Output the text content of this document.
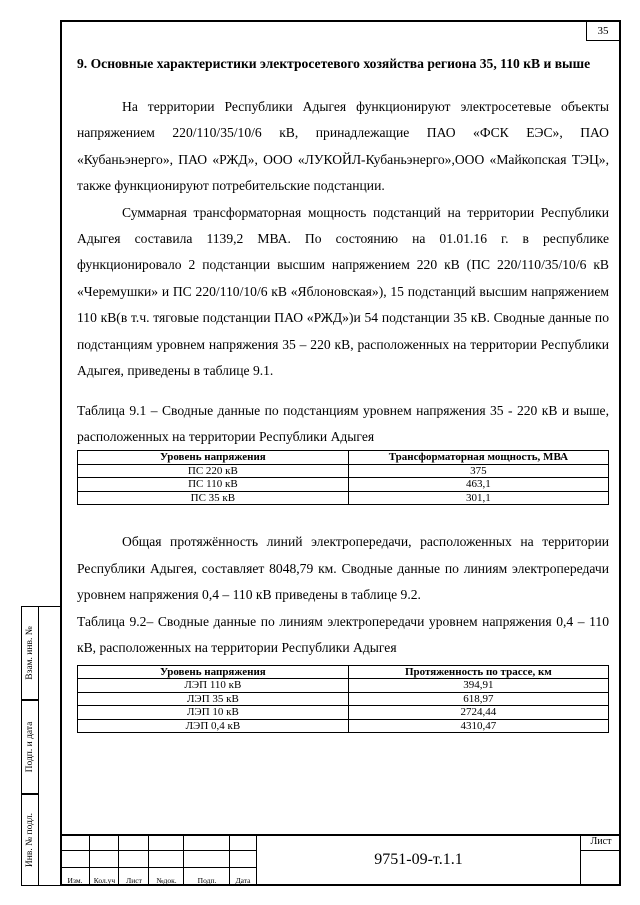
35
Взам. инв. №
Подп. и дата
Инв. № подл.
9. Основные характеристики электросетевого хозяйства региона 35, 110 кВ и выше

На территории Республики Адыгея функционируют электросетевые объекты напряжением 220/110/35/10/6 кВ, принадлежащие ПАО «ФСК ЕЭС», ПАО «Кубаньэнерго», ПАО «РЖД», ООО «ЛУКОЙЛ-Кубаньэнерго»,ООО «Майкопская ТЭЦ», также функционируют потребительские подстанции.

Суммарная трансформаторная мощность подстанций на территории Республики Адыгея составила 1139,2 МВА. По состоянию на 01.01.16 г. в республике функционировало 2 подстанции высшим напряжением 220 кВ (ПС 220/110/35/10/6 кВ «Черемушки» и ПС 220/110/10/6 кВ «Яблоновская»), 15 подстанций высшим напряжением 110 кВ(в т.ч. тяговые подстанции ПАО «РЖД»)и 54 подстанции 35 кВ. Сводные данные по подстанциям уровнем напряжения 35 – 220 кВ, расположенных на территории Республики Адыгея, приведены в таблице 9.1.

Таблица 9.1 – Сводные данные по подстанциям уровнем напряжения 35 - 220 кВ и выше, расположенных на территории Республики Адыгея
Уровень напряжения	Трансформаторная мощность, МВА
ПС 220 кВ	375
ПС 110 кВ	463,1
ПС 35 кВ	301,1

Общая протяжённость линий электропередачи, расположенных на территории Республики Адыгея, составляет 8048,79 км. Сводные данные по линиям электропередачи уровнем напряжения 0,4 – 110 кВ приведены в таблице 9.2.

Таблица 9.2– Сводные данные по линиям электропередачи уровнем напряжения 0,4 – 110 кВ, расположенных на территории Республики Адыгея
Уровень напряжения	Протяженность по трассе, км
ЛЭП 110 кВ	394,91
ЛЭП 35 кВ	618,97
ЛЭП 10 кВ	2724,44
ЛЭП 0,4 кВ	4310,47
Изм.	Кол.уч	Лист	№док.	Подп.	Дата
9751-09-т.1.1
Лист
